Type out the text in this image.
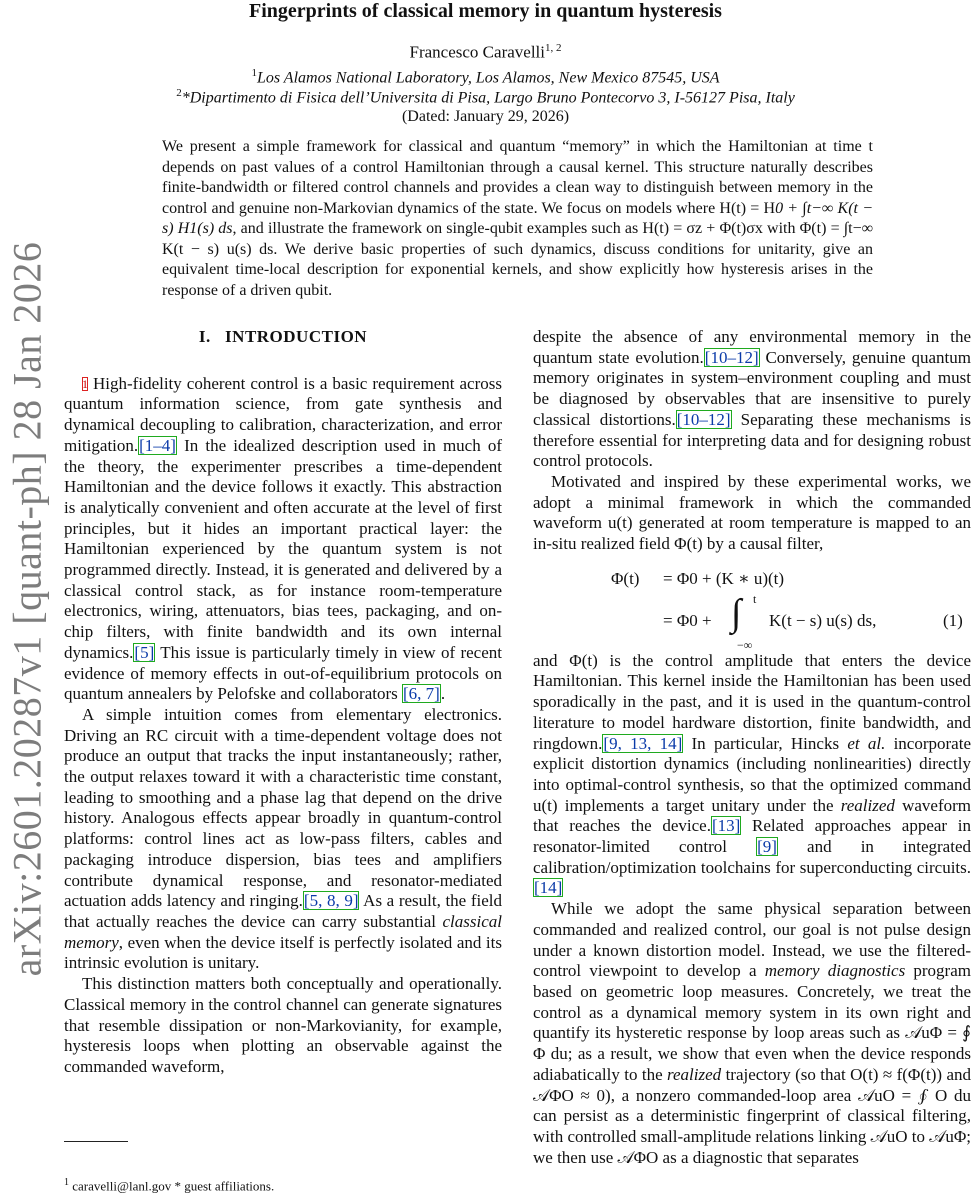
arXiv:2601.20287v1 [quant-ph] 28 Jan 2026
Fingerprints of classical memory in quantum hysteresis
Francesco Caravelli$^{1, 2}$
$^1$Los Alamos National Laboratory, Los Alamos, New Mexico 87545, USA
$^2$*Dipartimento di Fisica dell’Universita di Pisa, Largo Bruno Pontecorvo 3, I-56127 Pisa, Italy
(Dated: January 29, 2026)

We present a simple framework for classical and quantum “memory” in which the Hamiltonian at time t depends on past values of a control Hamiltonian through a causal kernel. This structure naturally describes finite-bandwidth or filtered control channels and provides a clean way to distinguish between memory in the control and genuine non-Markovian dynamics of the state. We focus on models where H(t) = H0 + ∫t−∞ K(t − s) H1(s) ds, and illustrate the framework on single-qubit examples such as H(t) = σz + Φ(t)σx with Φ(t) = ∫t−∞ K(t − s) u(s) ds. We derive basic properties of such dynamics, discuss conditions for unitarity, give an equivalent time-local description for exponential kernels, and show explicitly how hysteresis arises in the response of a driven qubit.

I. INTRODUCTION

$^1$ High-fidelity coherent control is a basic requirement across quantum information science, from gate synthesis and dynamical decoupling to calibration, characterization, and error mitigation.[1–4] In the idealized description used in much of the theory, the experimenter prescribes a time-dependent Hamiltonian and the device follows it exactly. This abstraction is analytically convenient and often accurate at the level of first principles, but it hides an important practical layer: the Hamiltonian experienced by the quantum system is not programmed directly. Instead, it is generated and delivered by a classical control stack, as for instance room-temperature electronics, wiring, attenuators, bias tees, packaging, and on-chip filters, with finite bandwidth and its own internal dynamics.[5] This issue is particularly timely in view of recent evidence of memory effects in out-of-equilibrium protocols on quantum annealers by Pelofske and collaborators [6, 7].

A simple intuition comes from elementary electronics. Driving an RC circuit with a time-dependent voltage does not produce an output that tracks the input instantaneously; rather, the output relaxes toward it with a characteristic time constant, leading to smoothing and a phase lag that depend on the drive history. Analogous effects appear broadly in quantum-control platforms: control lines act as low-pass filters, cables and packaging introduce dispersion, bias tees and amplifiers contribute dynamical response, and resonator-mediated actuation adds latency and ringing.[5, 8, 9] As a result, the field that actually reaches the device can carry substantial classical memory, even when the device itself is perfectly isolated and its intrinsic evolution is unitary.

This distinction matters both conceptually and operationally. Classical memory in the control channel can generate signatures that resemble dissipation or non-Markovianity, for example, hysteresis loops when plotting an observable against the commanded waveform,

$^1$ caravelli@lanl.gov * guest affiliations.

despite the absence of any environmental memory in the quantum state evolution.[10–12] Conversely, genuine quantum memory originates in system–environment coupling and must be diagnosed by observables that are insensitive to purely classical distortions.[10–12] Separating these mechanisms is therefore essential for interpreting data and for designing robust control protocols.

Motivated and inspired by these experimental works, we adopt a minimal framework in which the commanded waveform u(t) generated at room temperature is mapped to an in-situ realized field Φ(t) by a causal filter,

Φ(t) = Φ0 + (K ∗ u)(t)
= Φ0 + ∫ t
−∞
K(t − s) u(s) ds,	(1)

and Φ(t) is the control amplitude that enters the device Hamiltonian. This kernel inside the Hamiltonian has been used sporadically in the past, and it is used in the quantum-control literature to model hardware distortion, finite bandwidth, and ringdown.[9, 13, 14] In particular, Hincks et al. incorporate explicit distortion dynamics (including nonlinearities) directly into optimal-control synthesis, so that the optimized command u(t) implements a target unitary under the realized waveform that reaches the device.[13] Related approaches appear in resonator-limited control [9] and in integrated calibration/optimization toolchains for superconducting circuits.[14]

While we adopt the same physical separation between commanded and realized control, our goal is not pulse design under a known distortion model. Instead, we use the filtered-control viewpoint to develop a memory diagnostics program based on geometric loop measures. Concretely, we treat the control as a dynamical memory system in its own right and quantify its hysteretic response by loop areas such as 𝒜uΦ = ∮ Φ du; as a result, we show that even when the device responds adiabatically to the realized trajectory (so that O(t) ≈ f(Φ(t)) and 𝒜ΦO ≈ 0), a nonzero commanded-loop area 𝒜uO = ∮ O du can persist as a deterministic fingerprint of classical filtering, with controlled small-amplitude relations linking 𝒜uO to 𝒜uΦ; we then use 𝒜ΦO as a diagnostic that separates
